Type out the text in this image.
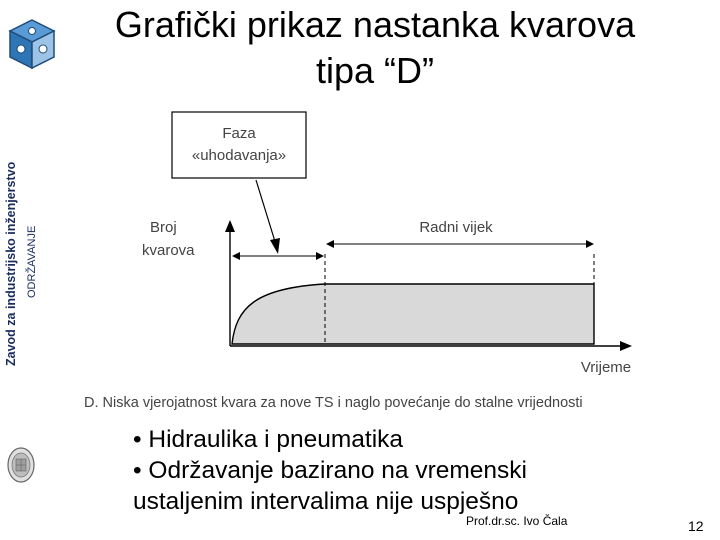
Zavod za industrijsko inženjerstvo ODRŽAVANJE
Grafički prikaz nastanka kvarova
tipa “D”
Faza
«uhodavanja»
Broj
kvarova
Radni vijek
Vrijeme
D. Niska vjerojatnost kvara za nove TS i naglo povećanje do stalne vrijednosti
• Hidraulika i pneumatika
• Održavanje bazirano na vremenski
ustaljenim intervalima nije uspješno
Prof.dr.sc. Ivo Čala	12
